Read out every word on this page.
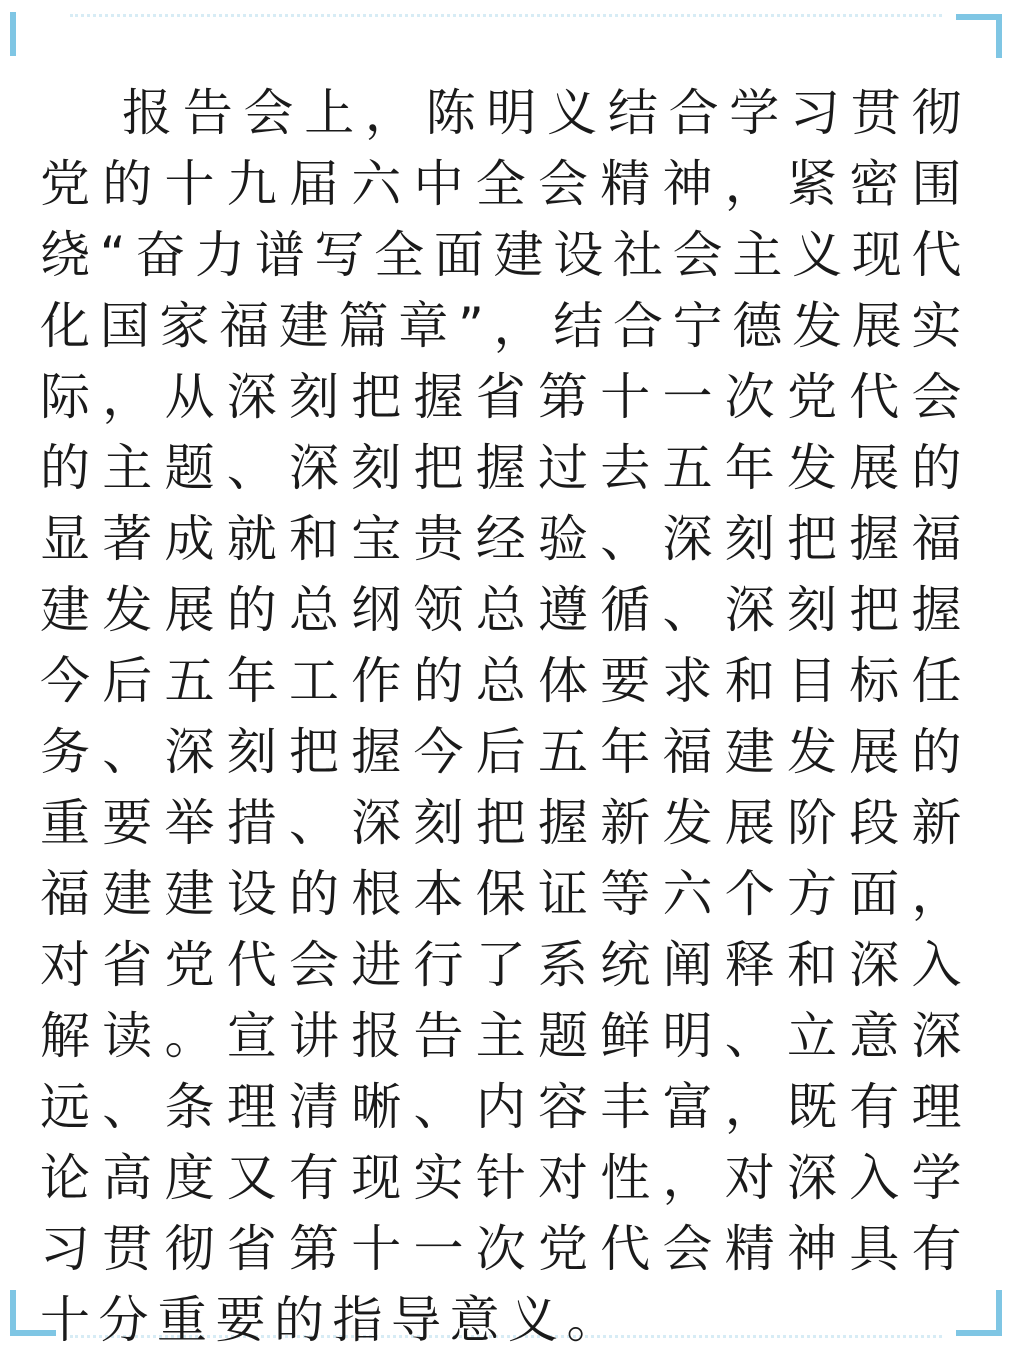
报告会上，陈明义结合学习贯彻党的十九届六中全会精神，紧密围绕“奋力谱写全面建设社会主义现代化国家福建篇章”，结合宁德发展实际，从深刻把握省第十一次党代会的主题、深刻把握过去五年发展的显著成就和宝贵经验、深刻把握福建发展的总纲领总遵循、深刻把握今后五年工作的总体要求和目标任务、深刻把握今后五年福建发展的重要举措、深刻把握新发展阶段新福建建设的根本保证等六个方面，对省党代会进行了系统阐释和深入解读。宣讲报告主题鲜明、立意深远、条理清晰、内容丰富，既有理论高度又有现实针对性，对深入学习贯彻省第十一次党代会精神具有十分重要的指导意义。
